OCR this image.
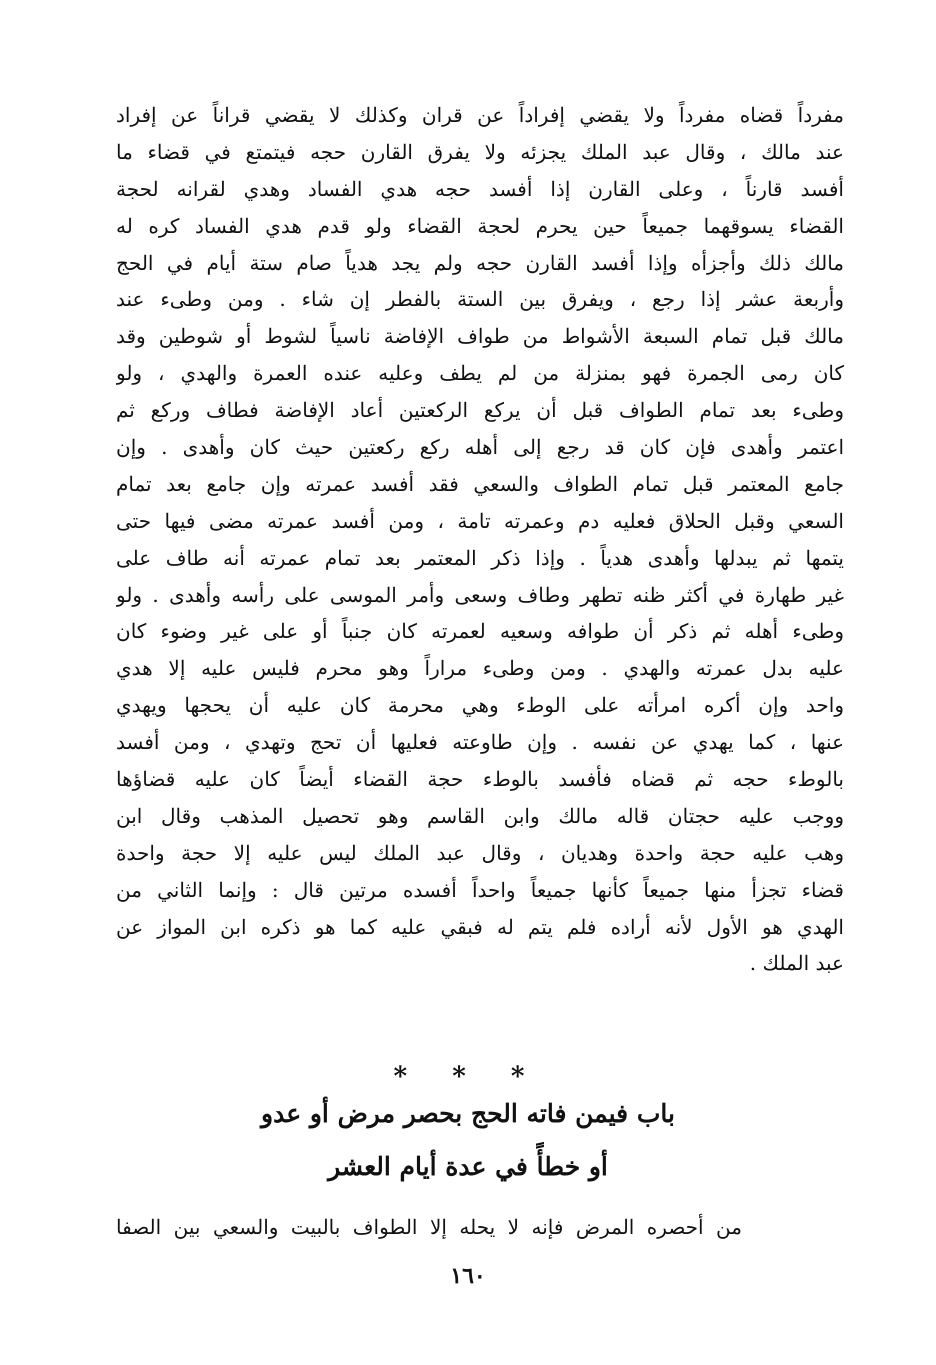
مفرداً قضاه مفرداً ولا يقضي إفراداً عن قران وكذلك لا يقضي قراناً عن إفراد
عند مالك ، وقال عبد الملك يجزئه ولا يفرق القارن حجه فيتمتع في قضاء ما
أفسد قارناً ، وعلى القارن إذا أفسد حجه هدي الفساد وهدي لقرانه لحجة
القضاء يسوقهما جميعاً حين يحرم لحجة القضاء ولو قدم هدي الفساد كره له
مالك ذلك وأجزأه وإذا أفسد القارن حجه ولم يجد هدياً صام ستة أيام في الحج
وأربعة عشر إذا رجع ، ويفرق بين الستة بالفطر إن شاء . ومن وطىء عند
مالك قبل تمام السبعة الأشواط من طواف الإفاضة ناسياً لشوط أو شوطين وقد
كان رمى الجمرة فهو بمنزلة من لم يطف وعليه عنده العمرة والهدي ، ولو
وطىء بعد تمام الطواف قبل أن يركع الركعتين أعاد الإفاضة فطاف وركع ثم
اعتمر وأهدى فإن كان قد رجع إلى أهله ركع ركعتين حيث كان وأهدى . وإن
جامع المعتمر قبل تمام الطواف والسعي فقد أفسد عمرته وإن جامع بعد تمام
السعي وقبل الحلاق فعليه دم وعمرته تامة ، ومن أفسد عمرته مضى فيها حتى
يتمها ثم يبدلها وأهدى هدياً . وإذا ذكر المعتمر بعد تمام عمرته أنه طاف على
غير طهارة في أكثر ظنه تطهر وطاف وسعى وأمر الموسى على رأسه وأهدى . ولو
وطىء أهله ثم ذكر أن طوافه وسعيه لعمرته كان جنباً أو على غير وضوء كان
عليه بدل عمرته والهدي . ومن وطىء مراراً وهو محرم فليس عليه إلا هدي
واحد وإن أكره امرأته على الوطء وهي محرمة كان عليه أن يحجها ويهدي
عنها ، كما يهدي عن نفسه . وإن طاوعته فعليها أن تحج وتهدي ، ومن أفسد
بالوطء حجه ثم قضاه فأفسد بالوطء حجة القضاء أيضاً كان عليه قضاؤها
ووجب عليه حجتان قاله مالك وابن القاسم وهو تحصيل المذهب وقال ابن
وهب عليه حجة واحدة وهديان ، وقال عبد الملك ليس عليه إلا حجة واحدة
قضاء تجزأ منها جميعاً كأنها جميعاً واحداً أفسده مرتين قال : وإنما الثاني من
الهدي هو الأول لأنه أراده فلم يتم له فبقي عليه كما هو ذكره ابن المواز عن
عبد الملك .
* * *
باب فيمن فاته الحج بحصر مرض أو عدو
أو خطأً في عدة أيام العشر
من أحصره المرض فإنه لا يحله إلا الطواف بالبيت والسعي بين الصفا
١٦٠
